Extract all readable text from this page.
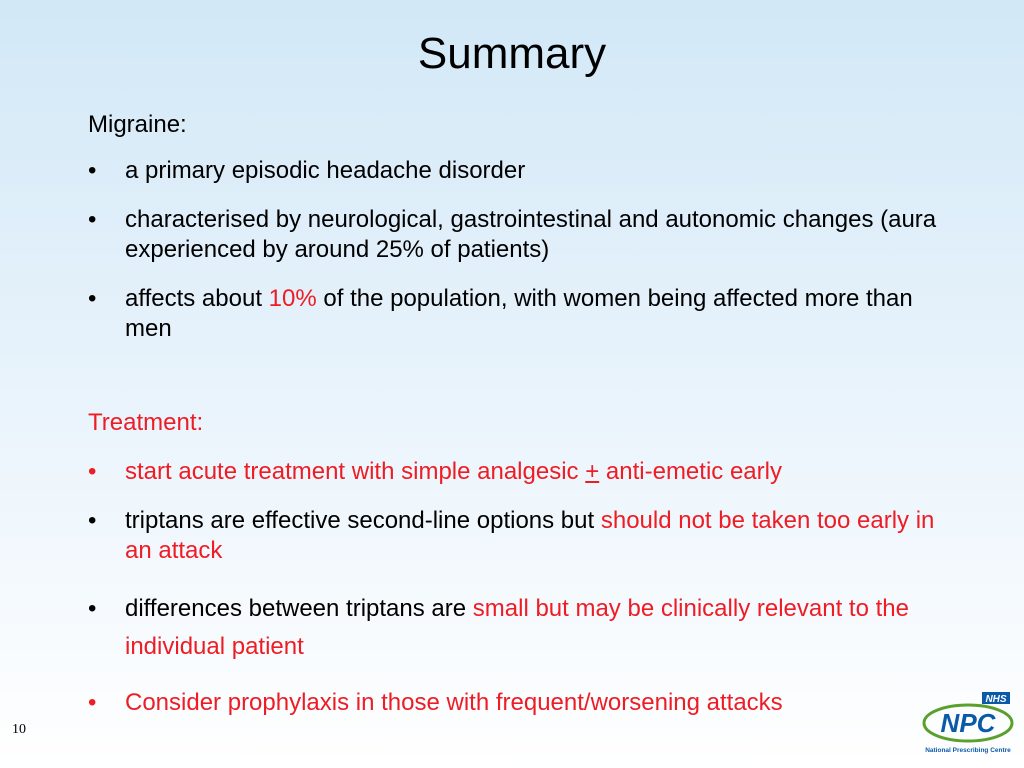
Summary
Migraine:
• a primary episodic headache disorder
• characterised by neurological, gastrointestinal and autonomic changes (aura experienced by around 25% of patients)
• affects about 10% of the population, with women being affected more than men
Treatment:
• start acute treatment with simple analgesic + anti-emetic early
• triptans are effective second-line options but should not be taken too early in an attack
• differences between triptans are small but may be clinically relevant to the individual patient
• Consider prophylaxis in those with frequent/worsening attacks
10
NHS
NPC
National Prescribing Centre
